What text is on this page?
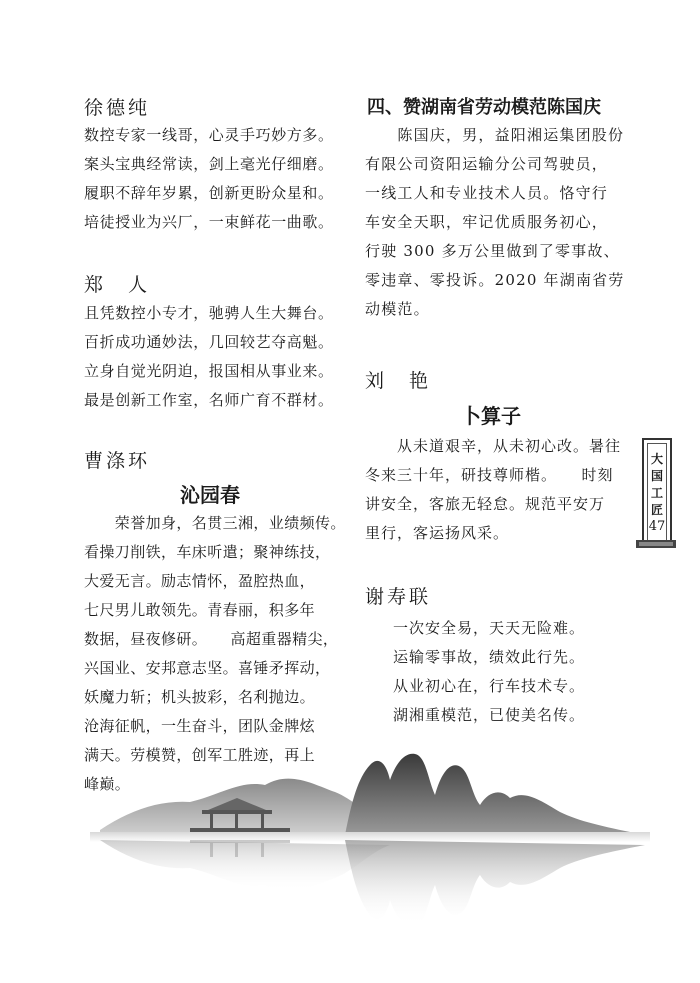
徐德纯
数控专家一线哥，心灵手巧妙方多。
案头宝典经常读，剑上毫光仔细磨。
履职不辞年岁累，创新更盼众星和。
培徒授业为兴厂，一束鲜花一曲歌。
郑　人
且凭数控小专才，驰骋人生大舞台。
百折成功通妙法，几回较艺夺高魁。
立身自觉光阴迫，报国相从事业来。
最是创新工作室，名师广育不群材。
曹涤环
沁园春
　　荣誉加身，名贯三湘，业绩频传。
看操刀削铁，车床听遣；聚神练技，
大爱无言。励志情怀，盈腔热血，
七尺男儿敢领先。青春丽，积多年
数据，昼夜修研。　　高超重器精尖，
兴国业、安邦意志坚。喜锤矛挥动，
妖魔力斩；机头披彩，名利抛边。
沧海征帆，一生奋斗，团队金牌炫
满天。劳模赞，创军工胜迹，再上
峰巅。
四、赞湖南省劳动模范陈国庆
　　陈国庆，男，益阳湘运集团股份
有限公司资阳运输分公司驾驶员，
一线工人和专业技术人员。恪守行
车安全天职，牢记优质服务初心，
行驶 300 多万公里做到了零事故、
零违章、零投诉。2020 年湖南省劳
动模范。
刘　艳
卜算子
　　从未道艰辛，从未初心改。暑往
冬来三十年，研技尊师楷。　　时刻
讲安全，客旅无轻怠。规范平安万
里行，客运扬风采。
谢寿联
一次安全易，天天无险难。
运输零事故，绩效此行先。
从业初心在，行车技术专。
湖湘重模范，已使美名传。
大
国
工
匠
47
